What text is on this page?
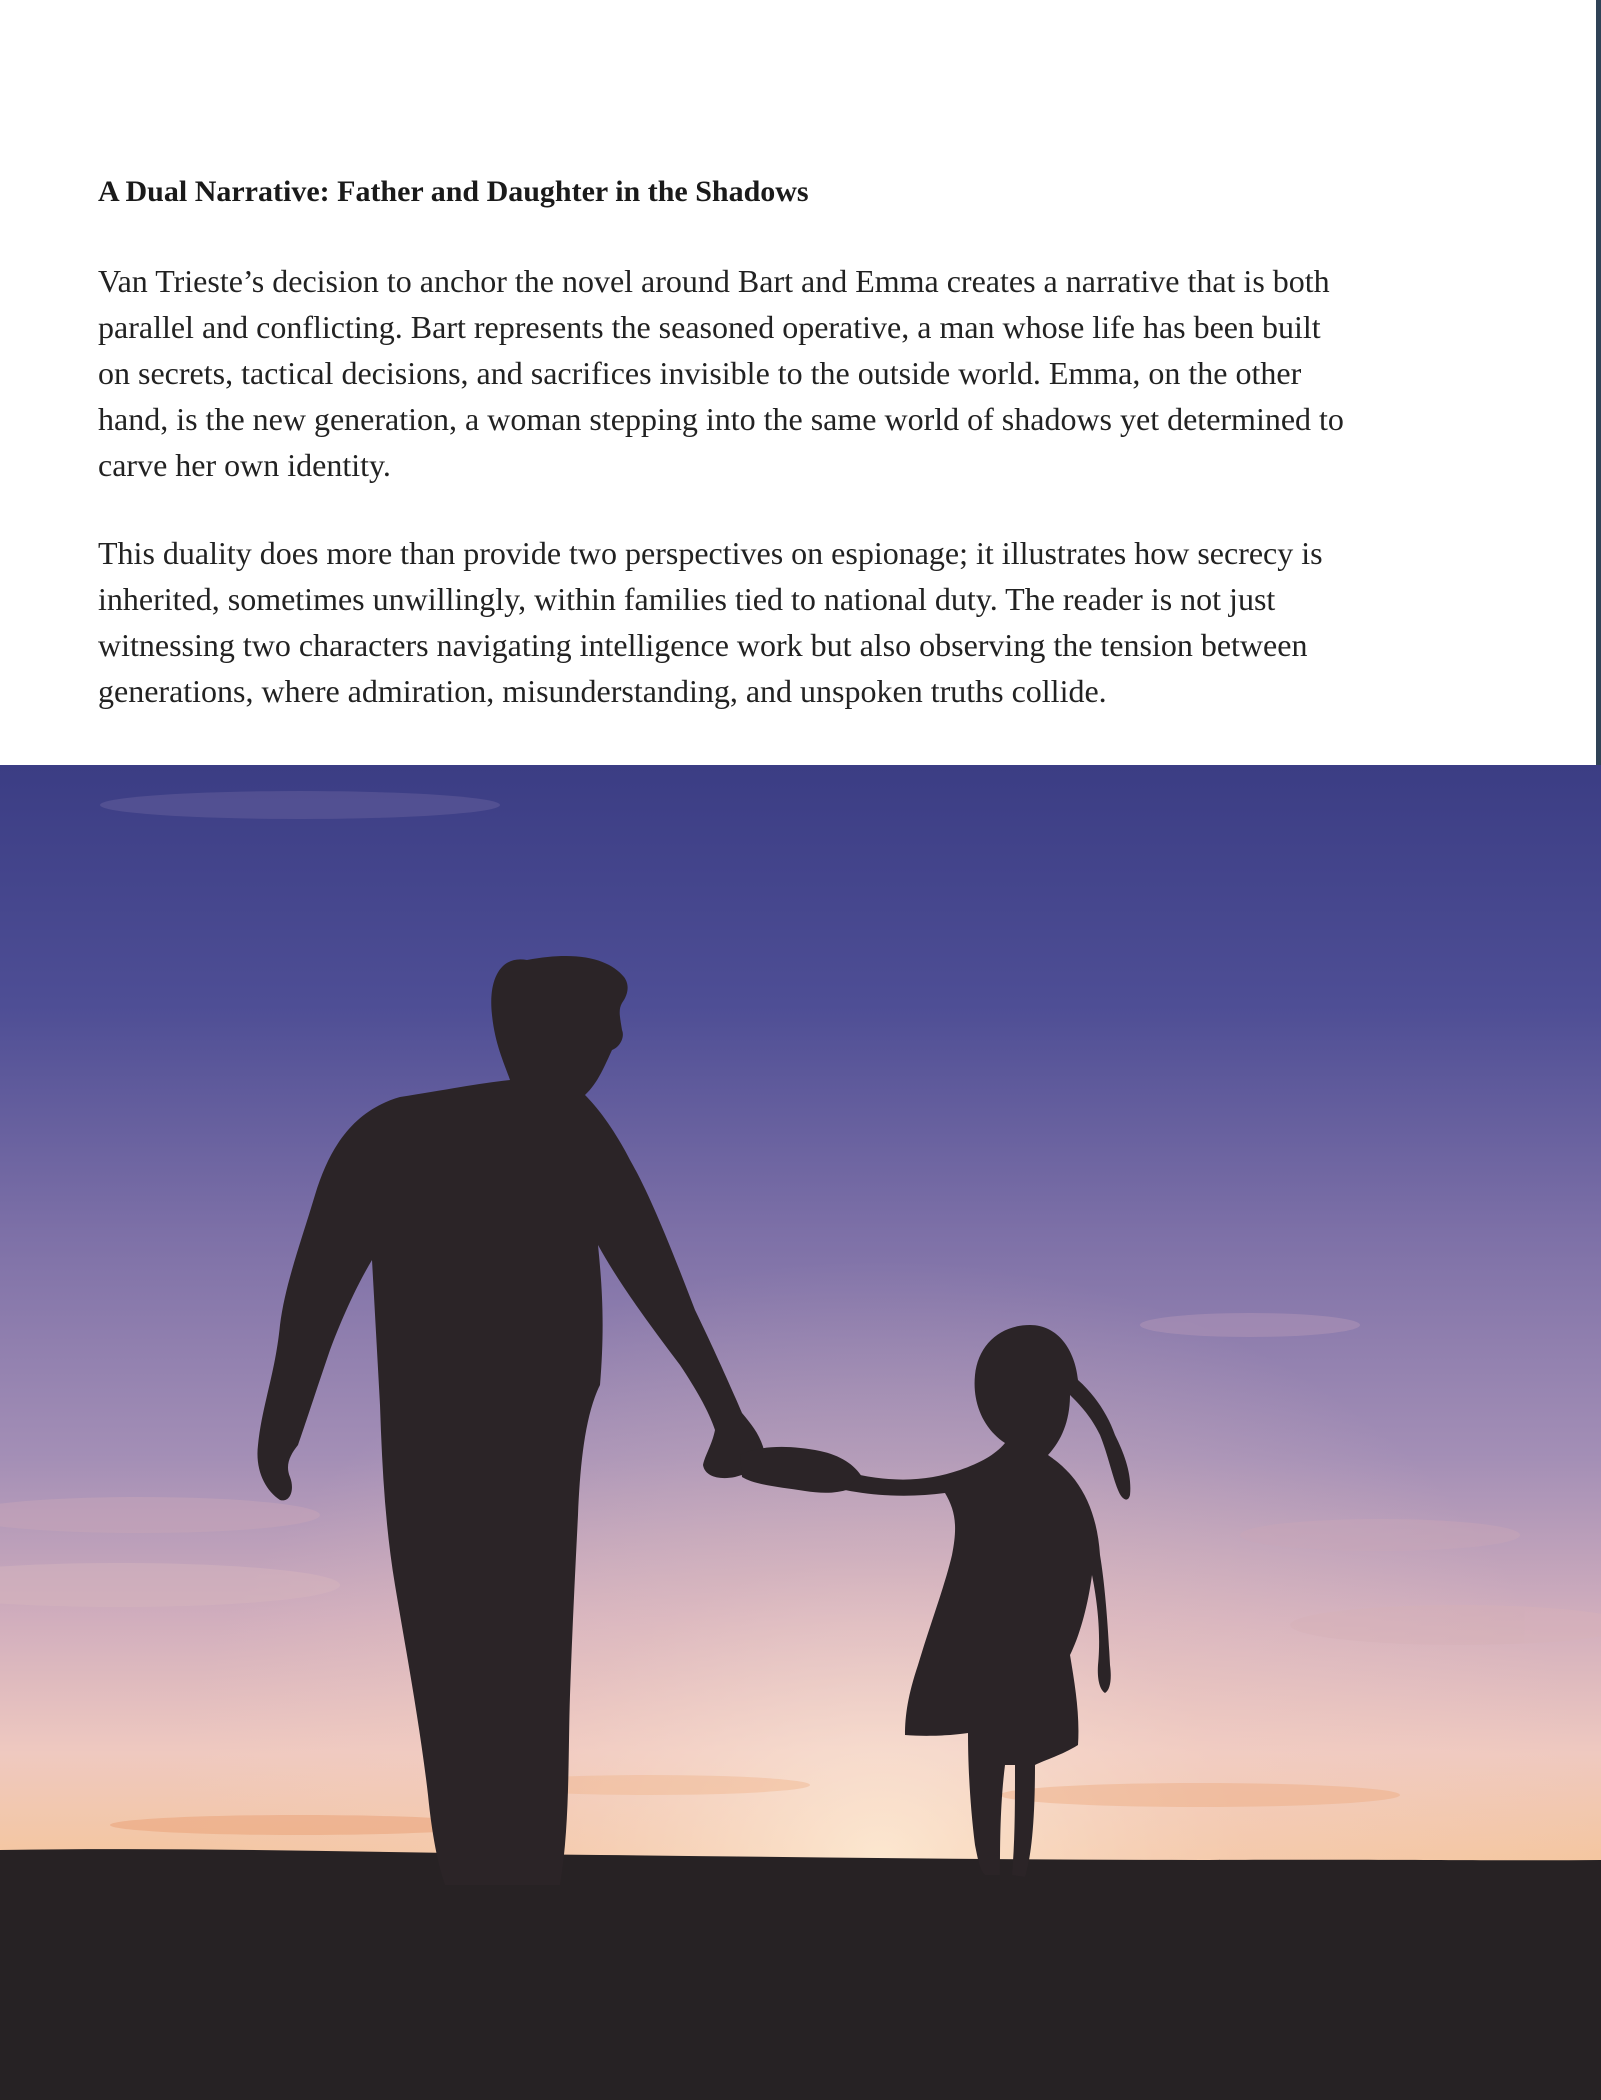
A Dual Narrative: Father and Daughter in the Shadows
Van Trieste’s decision to anchor the novel around Bart and Emma creates a narrative that is both
parallel and conflicting. Bart represents the seasoned operative, a man whose life has been built
on secrets, tactical decisions, and sacrifices invisible to the outside world. Emma, on the other
hand, is the new generation, a woman stepping into the same world of shadows yet determined to
carve her own identity.
This duality does more than provide two perspectives on espionage; it illustrates how secrecy is
inherited, sometimes unwillingly, within families tied to national duty. The reader is not just
witnessing two characters navigating intelligence work but also observing the tension between
generations, where admiration, misunderstanding, and unspoken truths collide.
